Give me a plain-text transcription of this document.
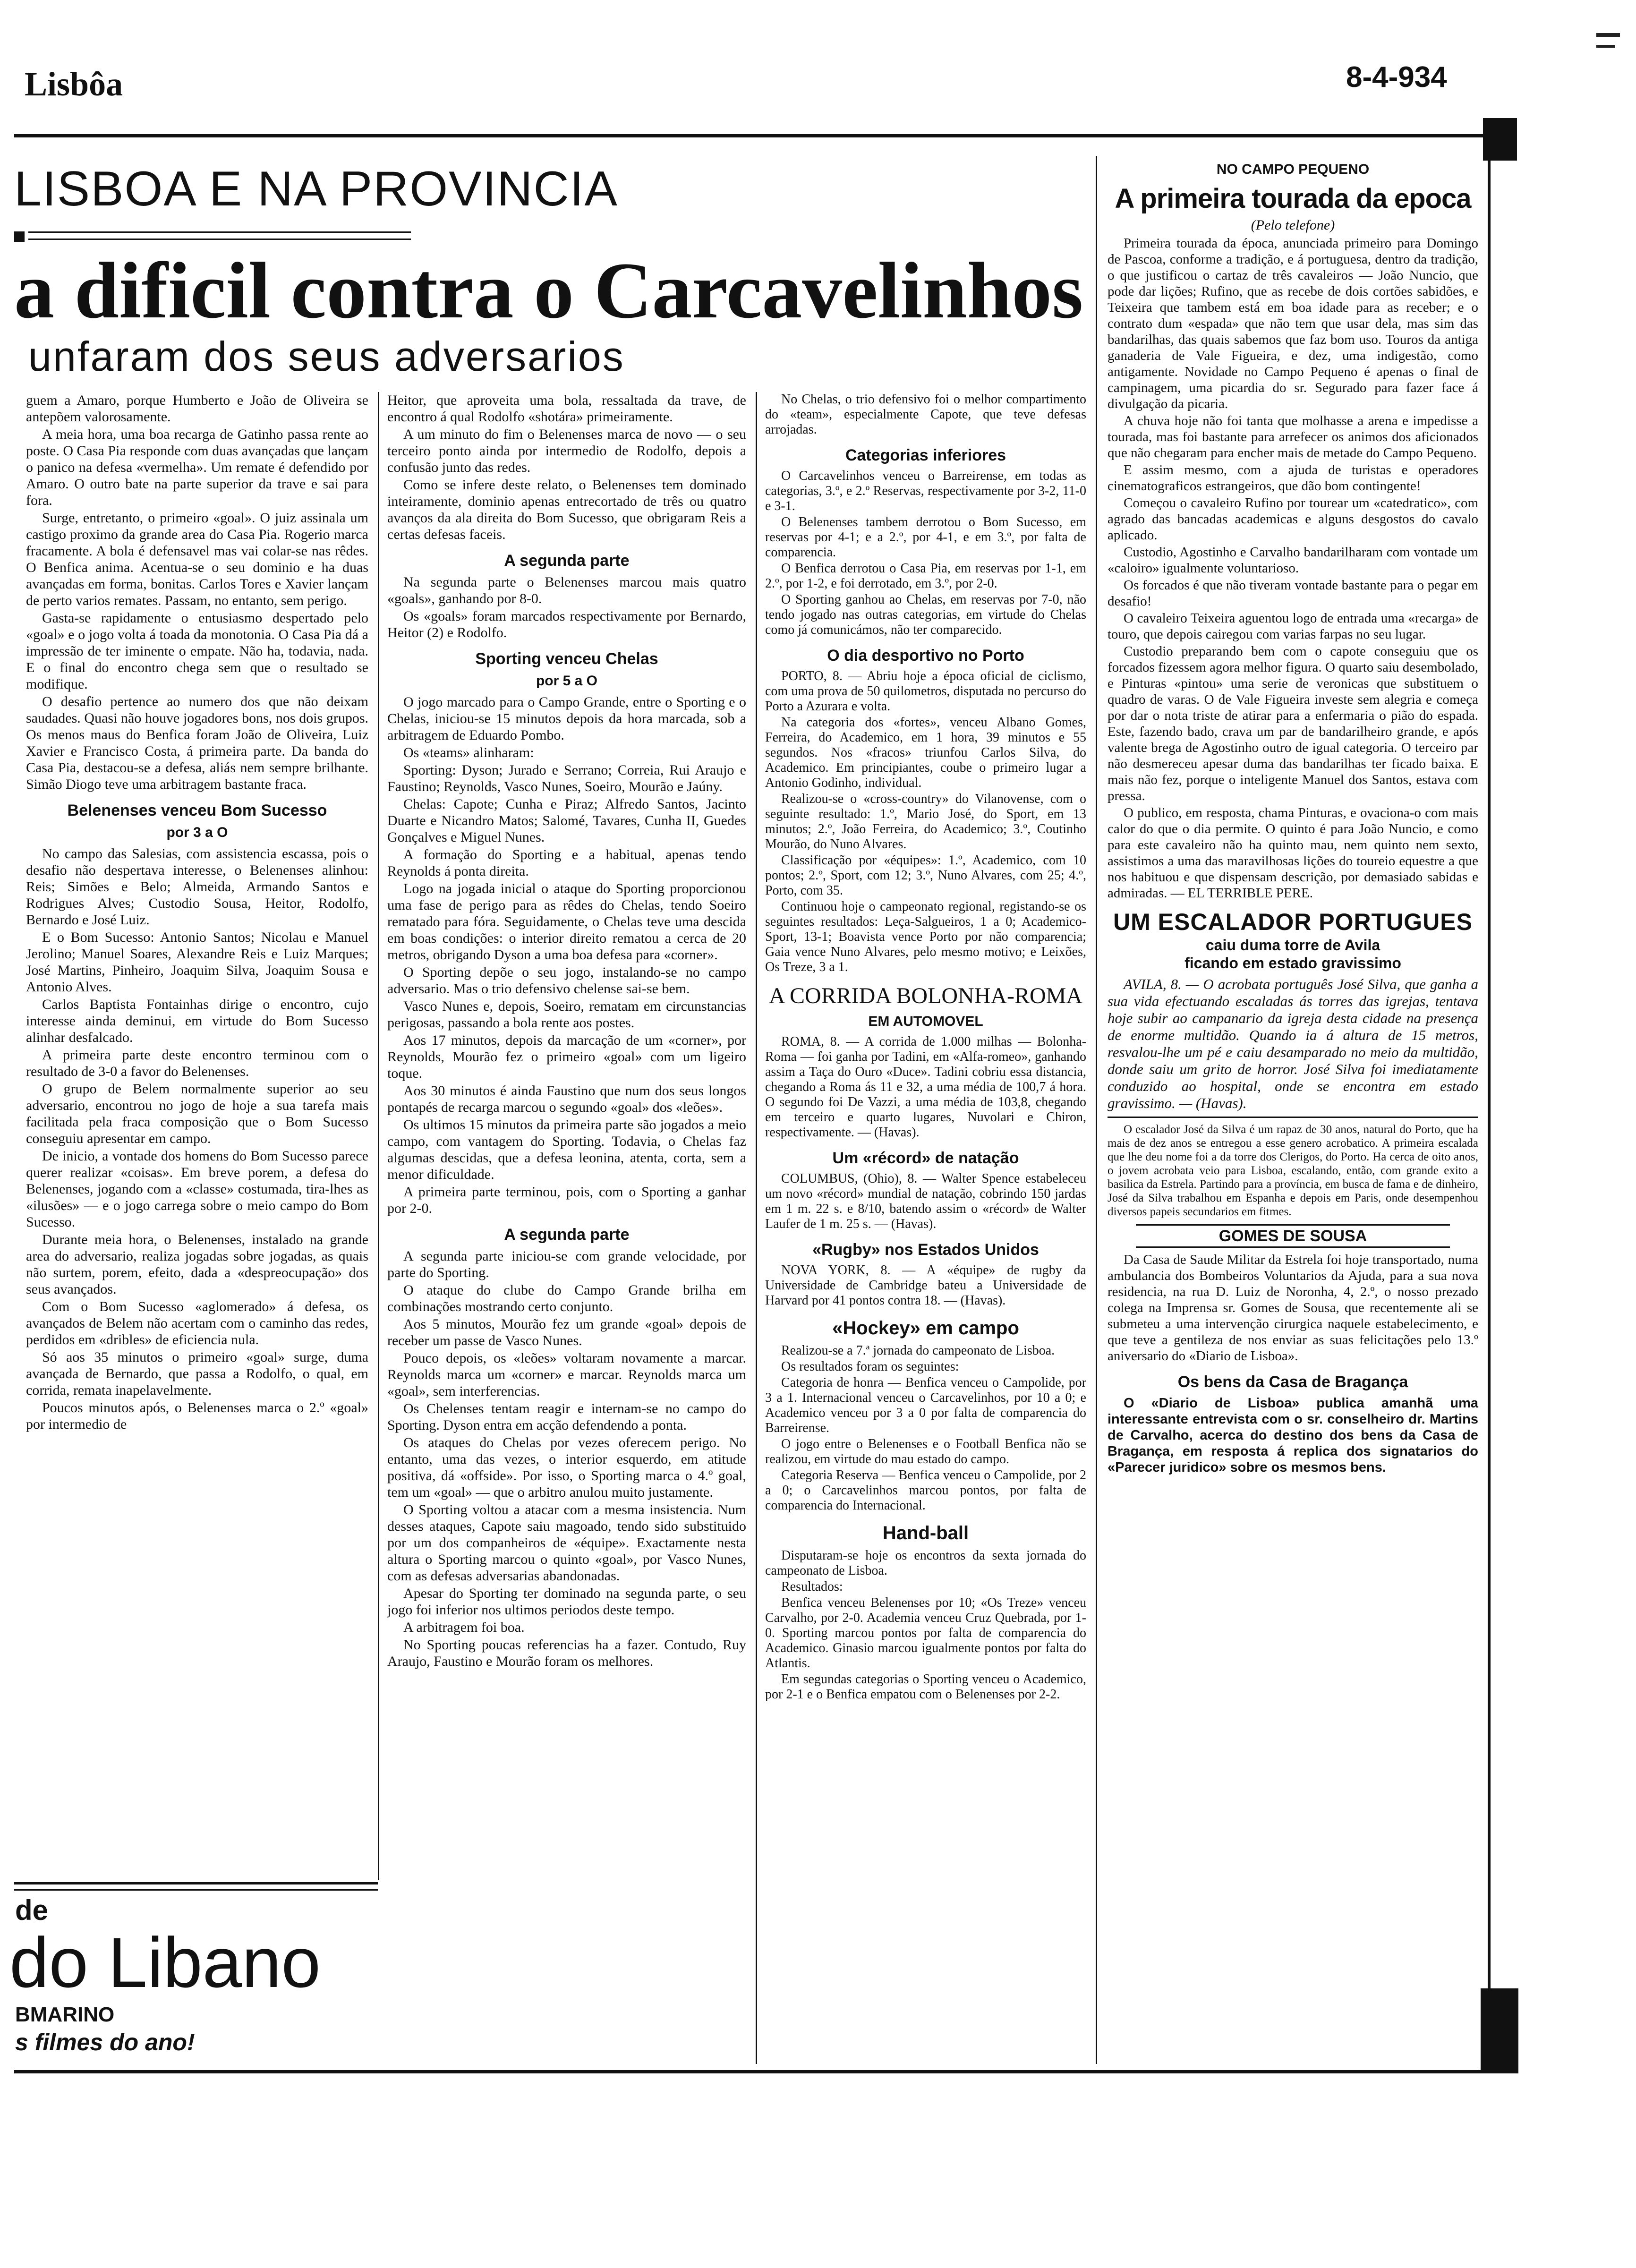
Lisbôa	8-4-934
LISBOA E NA PROVINCIA
a dificil contra o Carcavelinhos
unfaram dos seus adversarios

guem a Amaro, porque Humberto e João de Oliveira se antepõem valorosamente.

A meia hora, uma boa recarga de Gatinho passa rente ao poste. O Casa Pia responde com duas avançadas que lançam o panico na defesa «vermelha». Um remate é defendido por Amaro. O outro bate na parte superior da trave e sai para fora.

Surge, entretanto, o primeiro «goal». O juiz assinala um castigo proximo da grande area do Casa Pia. Rogerio marca fracamente. A bola é defensavel mas vai colar-se nas rêdes. O Benfica anima. Acentua-se o seu dominio e ha duas avançadas em forma, bonitas. Carlos Tores e Xavier lançam de perto varios remates. Passam, no entanto, sem perigo.

Gasta-se rapidamente o entusiasmo despertado pelo «goal» e o jogo volta á toada da monotonia. O Casa Pia dá a impressão de ter iminente o empate. Não ha, todavia, nada. E o final do encontro chega sem que o resultado se modifique.

O desafio pertence ao numero dos que não deixam saudades. Quasi não houve jogadores bons, nos dois grupos. Os menos maus do Benfica foram João de Oliveira, Luiz Xavier e Francisco Costa, á primeira parte. Da banda do Casa Pia, destacou-se a defesa, aliás nem sempre brilhante. Simão Diogo teve uma arbitragem bastante fraca.

Belenenses venceu Bom Sucesso
por 3 a O

No campo das Salesias, com assistencia escassa, pois o desafio não despertava interesse, o Belenenses alinhou: Reis; Simões e Belo; Almeida, Armando Santos e Rodrigues Alves; Custodio Sousa, Heitor, Rodolfo, Bernardo e José Luiz.

E o Bom Sucesso: Antonio Santos; Nicolau e Manuel Jerolino; Manuel Soares, Alexandre Reis e Luiz Marques; José Martins, Pinheiro, Joaquim Silva, Joaquim Sousa e Antonio Alves.

Carlos Baptista Fontainhas dirige o encontro, cujo interesse ainda deminui, em virtude do Bom Sucesso alinhar desfalcado.

A primeira parte deste encontro terminou com o resultado de 3-0 a favor do Belenenses.

O grupo de Belem normalmente superior ao seu adversario, encontrou no jogo de hoje a sua tarefa mais facilitada pela fraca composição que o Bom Sucesso conseguiu apresentar em campo.

De inicio, a vontade dos homens do Bom Sucesso parece querer realizar «coisas». Em breve porem, a defesa do Belenenses, jogando com a «classe» costumada, tira-lhes as «ilusões» — e o jogo carrega sobre o meio campo do Bom Sucesso.

Durante meia hora, o Belenenses, instalado na grande area do adversario, realiza jogadas sobre jogadas, as quais não surtem, porem, efeito, dada a «despreocupação» dos seus avançados.

Com o Bom Sucesso «aglomerado» á defesa, os avançados de Belem não acertam com o caminho das redes, perdidos em «dribles» de eficiencia nula.

Só aos 35 minutos o primeiro «goal» surge, duma avançada de Bernardo, que passa a Rodolfo, o qual, em corrida, remata inapelavelmente.

Poucos minutos após, o Belenenses marca o 2.º «goal» por intermedio de

de
do Libano
BMARINO
s filmes do ano!

Heitor, que aproveita uma bola, ressaltada da trave, de encontro á qual Rodolfo «shotára» primeiramente.

A um minuto do fim o Belenenses marca de novo — o seu terceiro ponto ainda por intermedio de Rodolfo, depois a confusão junto das redes.

Como se infere deste relato, o Belenenses tem dominado inteiramente, dominio apenas entrecortado de três ou quatro avanços da ala direita do Bom Sucesso, que obrigaram Reis a certas defesas faceis.

A segunda parte

Na segunda parte o Belenenses marcou mais quatro «goals», ganhando por 8-0.

Os «goals» foram marcados respectivamente por Bernardo, Heitor (2) e Rodolfo.

Sporting venceu Chelas
por 5 a O

O jogo marcado para o Campo Grande, entre o Sporting e o Chelas, iniciou-se 15 minutos depois da hora marcada, sob a arbitragem de Eduardo Pombo.

Os «teams» alinharam:

Sporting: Dyson; Jurado e Serrano; Correia, Rui Araujo e Faustino; Reynolds, Vasco Nunes, Soeiro, Mourão e Jaúny.

Chelas: Capote; Cunha e Piraz; Alfredo Santos, Jacinto Duarte e Nicandro Matos; Salomé, Tavares, Cunha II, Guedes Gonçalves e Miguel Nunes.

A formação do Sporting e a habitual, apenas tendo Reynolds á ponta direita.

Logo na jogada inicial o ataque do Sporting proporcionou uma fase de perigo para as rêdes do Chelas, tendo Soeiro rematado para fóra. Seguidamente, o Chelas teve uma descida em boas condições: o interior direito rematou a cerca de 20 metros, obrigando Dyson a uma boa defesa para «corner».

O Sporting depõe o seu jogo, instalando-se no campo adversario. Mas o trio defensivo chelense sai-se bem.

Vasco Nunes e, depois, Soeiro, rematam em circunstancias perigosas, passando a bola rente aos postes.

Aos 17 minutos, depois da marcação de um «corner», por Reynolds, Mourão fez o primeiro «goal» com um ligeiro toque.

Aos 30 minutos é ainda Faustino que num dos seus longos pontapés de recarga marcou o segundo «goal» dos «leões».

Os ultimos 15 minutos da primeira parte são jogados a meio campo, com vantagem do Sporting. Todavia, o Chelas faz algumas descidas, que a defesa leonina, atenta, corta, sem a menor dificuldade.

A primeira parte terminou, pois, com o Sporting a ganhar por 2-0.

A segunda parte

A segunda parte iniciou-se com grande velocidade, por parte do Sporting.

O ataque do clube do Campo Grande brilha em combinações mostrando certo conjunto.

Aos 5 minutos, Mourão fez um grande «goal» depois de receber um passe de Vasco Nunes.

Pouco depois, os «leões» voltaram novamente a marcar. Reynolds marca um «corner» e marcar. Reynolds marca um «goal», sem interferencias.

Os Chelenses tentam reagir e internam-se no campo do Sporting. Dyson entra em acção defendendo a ponta.

Os ataques do Chelas por vezes oferecem perigo. No entanto, uma das vezes, o interior esquerdo, em atitude positiva, dá «offside». Por isso, o Sporting marca o 4.º goal, tem um «goal» — que o arbitro anulou muito justamente.

O Sporting voltou a atacar com a mesma insistencia. Num desses ataques, Capote saiu magoado, tendo sido substituido por um dos companheiros de «équipe». Exactamente nesta altura o Sporting marcou o quinto «goal», por Vasco Nunes, com as defesas adversarias abandonadas.

Apesar do Sporting ter dominado na segunda parte, o seu jogo foi inferior nos ultimos periodos deste tempo.

A arbitragem foi boa.

No Sporting poucas referencias ha a fazer. Contudo, Ruy Araujo, Faustino e Mourão foram os melhores.

No Chelas, o trio defensivo foi o melhor compartimento do «team», especialmente Capote, que teve defesas arrojadas.

Categorias inferiores

O Carcavelinhos venceu o Barreirense, em todas as categorias, 3.º, e 2.º Reservas, respectivamente por 3-2, 11-0 e 3-1.

O Belenenses tambem derrotou o Bom Sucesso, em reservas por 4-1; e a 2.º, por 4-1, e em 3.º, por falta de comparencia.

O Benfica derrotou o Casa Pia, em reservas por 1-1, em 2.º, por 1-2, e foi derrotado, em 3.º, por 2-0.

O Sporting ganhou ao Chelas, em reservas por 7-0, não tendo jogado nas outras categorias, em virtude do Chelas como já comunicámos, não ter comparecido.

O dia desportivo no Porto

PORTO, 8. — Abriu hoje a época oficial de ciclismo, com uma prova de 50 quilometros, disputada no percurso do Porto a Azurara e volta.

Na categoria dos «fortes», venceu Albano Gomes, Ferreira, do Academico, em 1 hora, 39 minutos e 55 segundos. Nos «fracos» triunfou Carlos Silva, do Academico. Em principiantes, coube o primeiro lugar a Antonio Godinho, individual.

Realizou-se o «cross-country» do Vilanovense, com o seguinte resultado: 1.º, Mario José, do Sport, em 13 minutos; 2.º, João Ferreira, do Academico; 3.º, Coutinho Mourão, do Nuno Alvares.

Classificação por «équipes»: 1.º, Academico, com 10 pontos; 2.º, Sport, com 12; 3.º, Nuno Alvares, com 25; 4.º, Porto, com 35.

Continuou hoje o campeonato regional, registando-se os seguintes resultados: Leça-Salgueiros, 1 a 0; Academico-Sport, 13-1; Boavista vence Porto por não comparencia; Gaia vence Nuno Alvares, pelo mesmo motivo; e Leixões, Os Treze, 3 a 1.

A CORRIDA BOLONHA-ROMA
EM AUTOMOVEL

ROMA, 8. — A corrida de 1.000 milhas — Bolonha-Roma — foi ganha por Tadini, em «Alfa-romeo», ganhando assim a Taça do Ouro «Duce». Tadini cobriu essa distancia, chegando a Roma ás 11 e 32, a uma média de 100,7 á hora. O segundo foi De Vazzi, a uma média de 103,8, chegando em terceiro e quarto lugares, Nuvolari e Chiron, respectivamente. — (Havas).

Um «récord» de natação

COLUMBUS, (Ohio), 8. — Walter Spence estabeleceu um novo «récord» mundial de natação, cobrindo 150 jardas em 1 m. 22 s. e 8/10, batendo assim o «récord» de Walter Laufer de 1 m. 25 s. — (Havas).

«Rugby» nos Estados Unidos

NOVA YORK, 8. — A «équipe» de rugby da Universidade de Cambridge bateu a Universidade de Harvard por 41 pontos contra 18. — (Havas).

«Hockey» em campo

Realizou-se a 7.ª jornada do campeonato de Lisboa.

Os resultados foram os seguintes:

Categoria de honra — Benfica venceu o Campolide, por 3 a 1. Internacional venceu o Carcavelinhos, por 10 a 0; e Academico venceu por 3 a 0 por falta de comparencia do Barreirense.

O jogo entre o Belenenses e o Football Benfica não se realizou, em virtude do mau estado do campo.

Categoria Reserva — Benfica venceu o Campolide, por 2 a 0; o Carcavelinhos marcou pontos, por falta de comparencia do Internacional.

Hand-ball

Disputaram-se hoje os encontros da sexta jornada do campeonato de Lisboa.

Resultados:

Benfica venceu Belenenses por 10; «Os Treze» venceu Carvalho, por 2-0. Academia venceu Cruz Quebrada, por 1-0. Sporting marcou pontos por falta de comparencia do Academico. Ginasio marcou igualmente pontos por falta do Atlantis.

Em segundas categorias o Sporting venceu o Academico, por 2-1 e o Benfica empatou com o Belenenses por 2-2.

NO CAMPO PEQUENO
A primeira tourada da epoca
(Pelo telefone)

Primeira tourada da época, anunciada primeiro para Domingo de Pascoa, conforme a tradição, e á portuguesa, dentro da tradição, o que justificou o cartaz de três cavaleiros — João Nuncio, que pode dar lições; Rufino, que as recebe de dois cortões sabidões, e Teixeira que tambem está em boa idade para as receber; e o contrato dum «espada» que não tem que usar dela, mas sim das bandarilhas, das quais sabemos que faz bom uso. Touros da antiga ganaderia de Vale Figueira, e dez, uma indigestão, como antigamente. Novidade no Campo Pequeno é apenas o final de campinagem, uma picardia do sr. Segurado para fazer face á divulgação da picaria.

A chuva hoje não foi tanta que molhasse a arena e impedisse a tourada, mas foi bastante para arrefecer os animos dos aficionados que não chegaram para encher mais de metade do Campo Pequeno.

E assim mesmo, com a ajuda de turistas e operadores cinematograficos estrangeiros, que dão bom contingente!

Começou o cavaleiro Rufino por tourear um «catedratico», com agrado das bancadas academicas e alguns desgostos do cavalo aplicado.

Custodio, Agostinho e Carvalho bandarilharam com vontade um «caloiro» igualmente voluntarioso.

Os forcados é que não tiveram vontade bastante para o pegar em desafio!

O cavaleiro Teixeira aguentou logo de entrada uma «recarga» de touro, que depois cairegou com varias farpas no seu lugar.

Custodio preparando bem com o capote conseguiu que os forcados fizessem agora melhor figura. O quarto saiu desembolado, e Pinturas «pintou» uma serie de veronicas que substituem o quadro de varas. O de Vale Figueira investe sem alegria e começa por dar o nota triste de atirar para a enfermaria o pião do espada. Este, fazendo bado, crava um par de bandarilheiro grande, e após valente brega de Agostinho outro de igual categoria. O terceiro par não desmereceu apesar duma das bandarilhas ter ficado baixa. E mais não fez, porque o inteligente Manuel dos Santos, estava com pressa.

O publico, em resposta, chama Pinturas, e ovaciona-o com mais calor do que o dia permite. O quinto é para João Nuncio, e como para este cavaleiro não ha quinto mau, nem quinto nem sexto, assistimos a uma das maravilhosas lições do toureio equestre a que nos habituou e que dispensam descrição, por demasiado sabidas e admiradas. — EL TERRIBLE PERE.

UM ESCALADOR PORTUGUES
caiu duma torre de Avila
ficando em estado gravissimo

AVILA, 8. — O acrobata português José Silva, que ganha a sua vida efectuando escaladas ás torres das igrejas, tentava hoje subir ao campanario da igreja desta cidade na presença de enorme multidão. Quando ia á altura de 15 metros, resvalou-lhe um pé e caiu desamparado no meio da multidão, donde saiu um grito de horror. José Silva foi imediatamente conduzido ao hospital, onde se encontra em estado gravissimo. — (Havas).

O escalador José da Silva é um rapaz de 30 anos, natural do Porto, que ha mais de dez anos se entregou a esse genero acrobatico. A primeira escalada que lhe deu nome foi a da torre dos Clerigos, do Porto. Ha cerca de oito anos, o jovem acrobata veio para Lisboa, escalando, então, com grande exito a basilica da Estrela. Partindo para a província, em busca de fama e de dinheiro, José da Silva trabalhou em Espanha e depois em Paris, onde desempenhou diversos papeis secundarios em fitmes.

GOMES DE SOUSA

Da Casa de Saude Militar da Estrela foi hoje transportado, numa ambulancia dos Bombeiros Voluntarios da Ajuda, para a sua nova residencia, na rua D. Luiz de Noronha, 4, 2.º, o nosso prezado colega na Imprensa sr. Gomes de Sousa, que recentemente ali se submeteu a uma intervenção cirurgica naquele estabelecimento, e que teve a gentileza de nos enviar as suas felicitações pelo 13.º aniversario do «Diario de Lisboa».

Os bens da Casa de Bragança

O «Diario de Lisboa» publica amanhã uma interessante entrevista com o sr. conselheiro dr. Martins de Carvalho, acerca do destino dos bens da Casa de Bragança, em resposta á replica dos signatarios do «Parecer juridico» sobre os mesmos bens.
